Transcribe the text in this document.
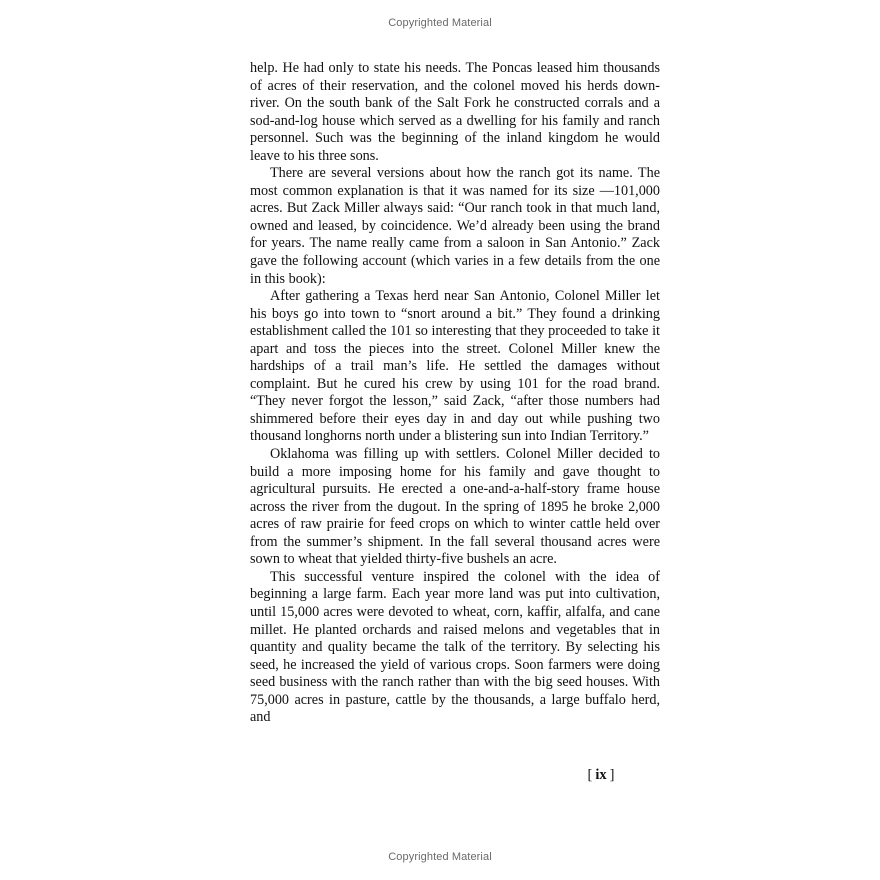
Copyrighted Material

help. He had only to state his needs. The Poncas leased him thousands of acres of their reservation, and the colonel moved his herds down-river. On the south bank of the Salt Fork he constructed corrals and a sod-and-log house which served as a dwelling for his family and ranch personnel. Such was the beginning of the inland kingdom he would leave to his three sons.

There are several versions about how the ranch got its name. The most common explanation is that it was named for its size —101,000 acres. But Zack Miller always said: “Our ranch took in that much land, owned and leased, by coincidence. We’d already been using the brand for years. The name really came from a saloon in San Antonio.” Zack gave the following account (which varies in a few details from the one in this book):

After gathering a Texas herd near San Antonio, Colonel Miller let his boys go into town to “snort around a bit.” They found a drinking establishment called the 101 so interesting that they proceeded to take it apart and toss the pieces into the street. Colonel Miller knew the hardships of a trail man’s life. He settled the damages without complaint. But he cured his crew by using 101 for the road brand. “They never forgot the lesson,” said Zack, “after those numbers had shimmered before their eyes day in and day out while pushing two thousand longhorns north under a blistering sun into Indian Territory.”

Oklahoma was filling up with settlers. Colonel Miller decided to build a more imposing home for his family and gave thought to agricultural pursuits. He erected a one-and-a-half-story frame house across the river from the dugout. In the spring of 1895 he broke 2,000 acres of raw prairie for feed crops on which to winter cattle held over from the summer’s shipment. In the fall several thousand acres were sown to wheat that yielded thirty-five bushels an acre.

This successful venture inspired the colonel with the idea of beginning a large farm. Each year more land was put into cultivation, until 15,000 acres were devoted to wheat, corn, kaffir, alfalfa, and cane millet. He planted orchards and raised melons and vegetables that in quantity and quality became the talk of the territory. By selecting his seed, he increased the yield of various crops. Soon farmers were doing seed business with the ranch rather than with the big seed houses. With 75,000 acres in pasture, cattle by the thousands, a large buffalo herd, and

[ ix ]
Copyrighted Material
